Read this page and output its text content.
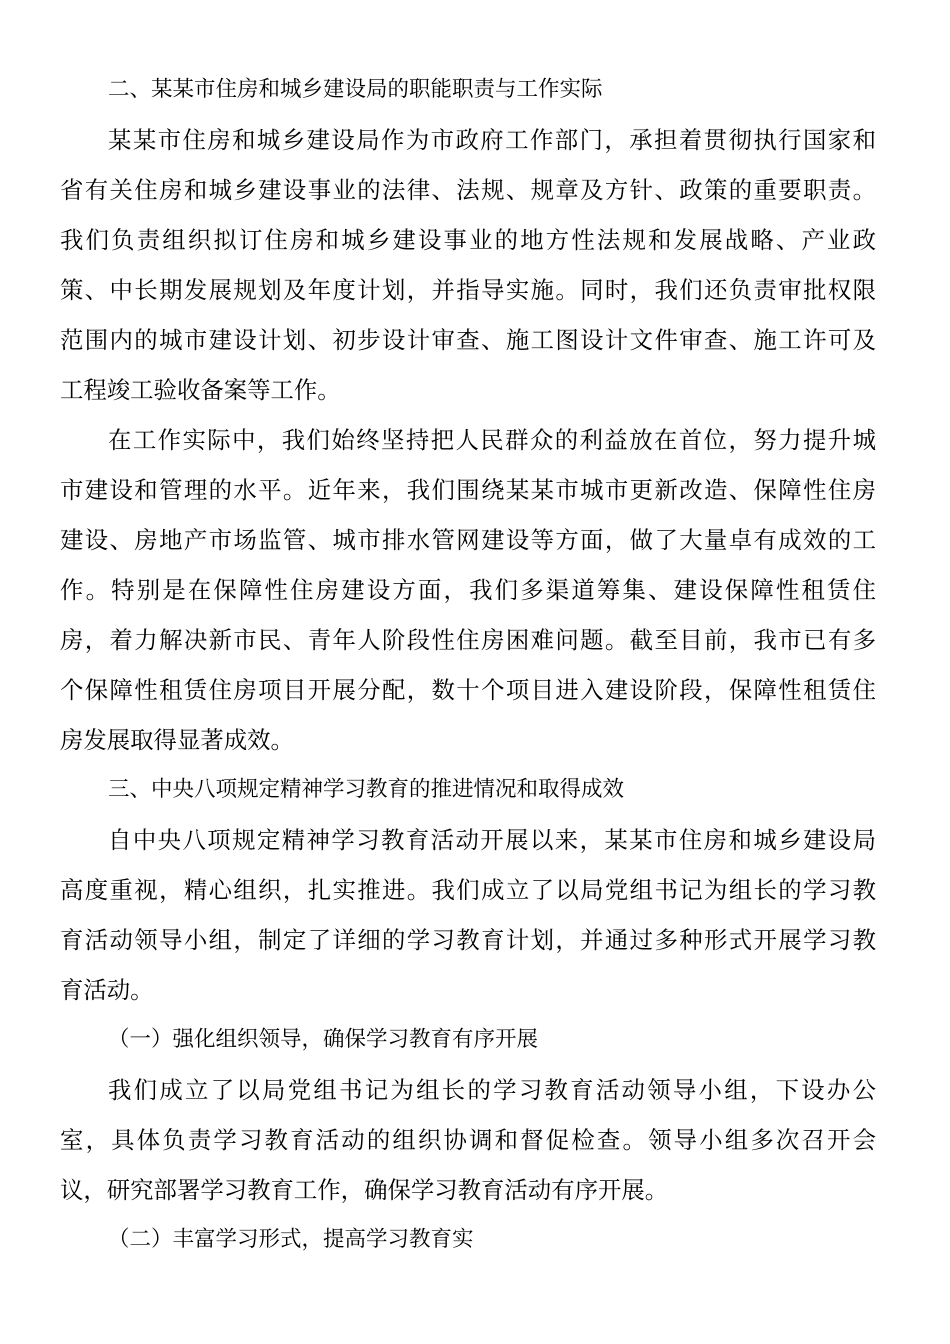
二、某某市住房和城乡建设局的职能职责与工作实际
某某市住房和城乡建设局作为市政府工作部门，承担着贯彻执行国家和
省有关住房和城乡建设事业的法律、法规、规章及方针、政策的重要职责。
我们负责组织拟订住房和城乡建设事业的地方性法规和发展战略、产业政
策、中长期发展规划及年度计划，并指导实施。同时，我们还负责审批权限
范围内的城市建设计划、初步设计审查、施工图设计文件审查、施工许可及
工程竣工验收备案等工作。
在工作实际中，我们始终坚持把人民群众的利益放在首位，努力提升城
市建设和管理的水平。近年来，我们围绕某某市城市更新改造、保障性住房
建设、房地产市场监管、城市排水管网建设等方面，做了大量卓有成效的工
作。特别是在保障性住房建设方面，我们多渠道筹集、建设保障性租赁住
房，着力解决新市民、青年人阶段性住房困难问题。截至目前，我市已有多
个保障性租赁住房项目开展分配，数十个项目进入建设阶段，保障性租赁住
房发展取得显著成效。
三、中央八项规定精神学习教育的推进情况和取得成效
自中央八项规定精神学习教育活动开展以来，某某市住房和城乡建设局
高度重视，精心组织，扎实推进。我们成立了以局党组书记为组长的学习教
育活动领导小组，制定了详细的学习教育计划，并通过多种形式开展学习教
育活动。
（一）强化组织领导，确保学习教育有序开展
我们成立了以局党组书记为组长的学习教育活动领导小组，下设办公
室，具体负责学习教育活动的组织协调和督促检查。领导小组多次召开会
议，研究部署学习教育工作，确保学习教育活动有序开展。
（二）丰富学习形式，提高学习教育实
